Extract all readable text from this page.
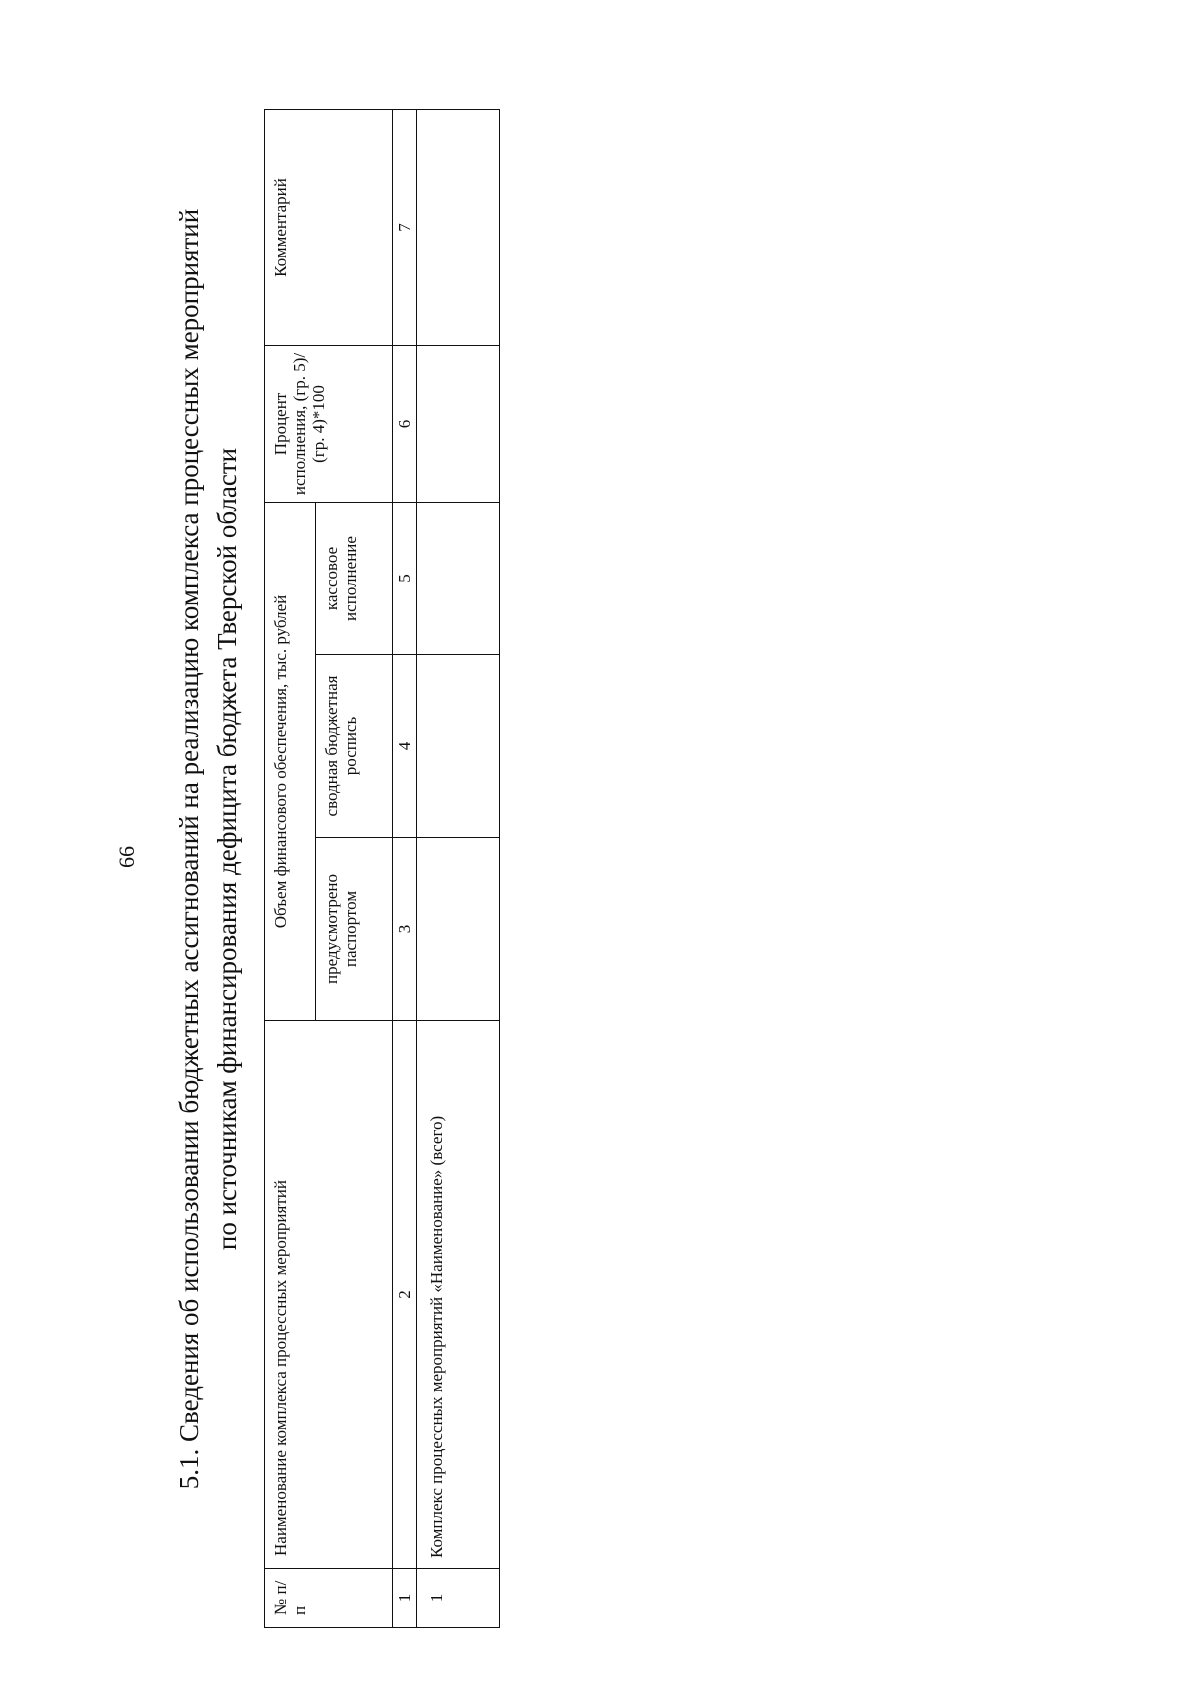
66 5.1. Сведения об использовании бюджетных ассигнований на реализацию комплекса процессных мероприятий по источникам финансирования дефицита бюджета Тверской области
№ п/п	Наименование комплекса процессных мероприятий	Объем финансового обеспечения, тыс. рублей			Процент исполнения, (гр. 5)/ (гр. 4)*100	Комментарий
		предусмотрено паспортом	сводная бюджетная роспись	кассовое исполнение		
1	2	3	4	5	6	7
1	Комплекс процессных мероприятий «Наименование» (всего)					
